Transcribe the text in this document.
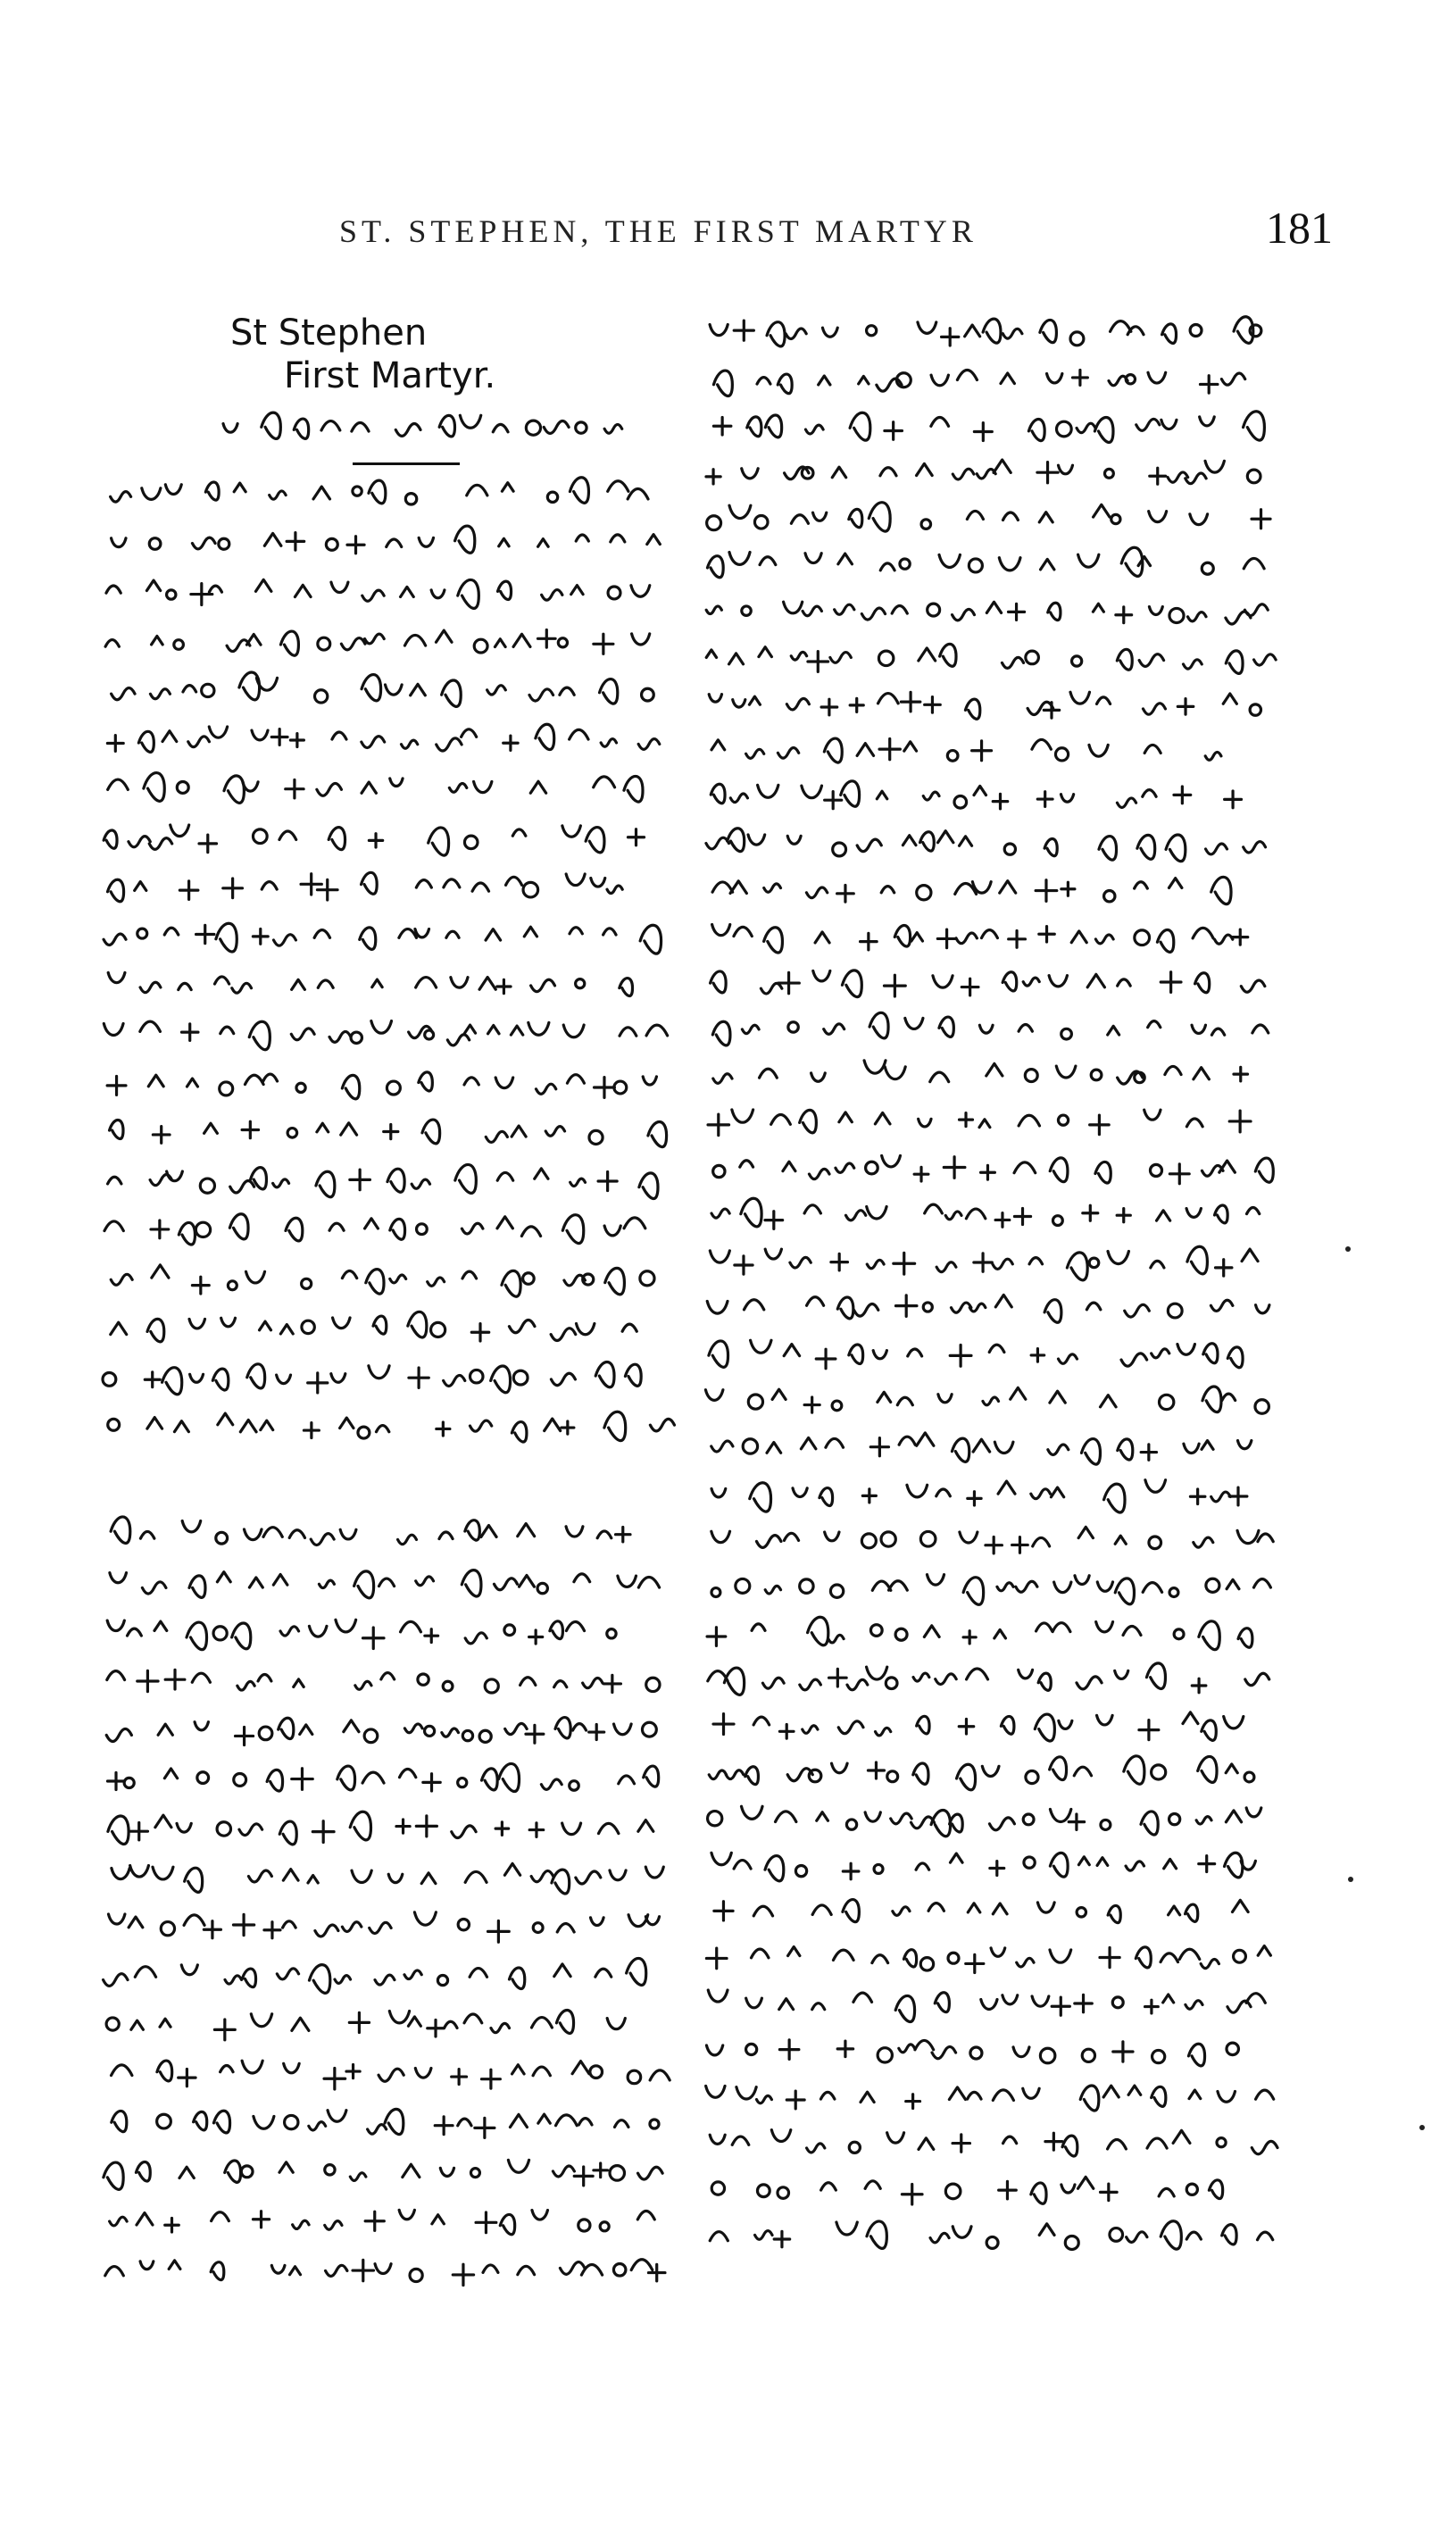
ST. STEPHEN, THE FIRST MARTYR	181
St Stephen
First Martyr.
